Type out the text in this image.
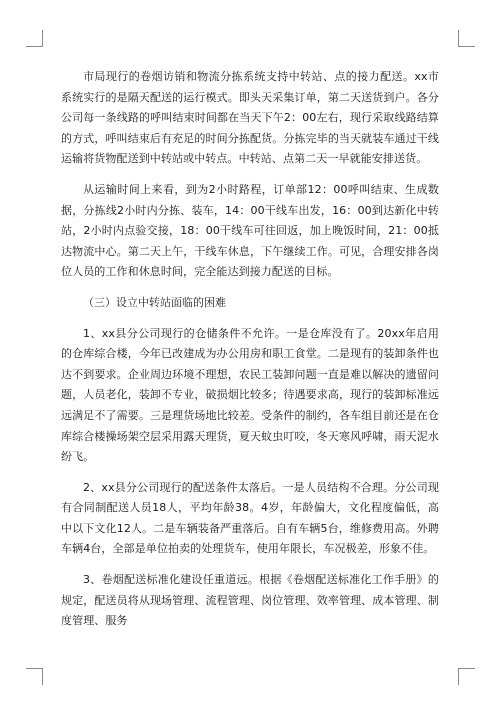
市局现行的卷烟访销和物流分拣系统支持中转站、点的接力配送。xx市系统实行的是隔天配送的运行模式。即头天采集订单，第二天送货到户。各分公司每一条线路的呼叫结束时间都在当天下午2：00左右，现行采取线路结算的方式，呼叫结束后有充足的时间分拣配货。分拣完毕的当天就装车通过干线运输将货物配送到中转站或中转点。中转站、点第二天一早就能安排送货。

从运输时间上来看，到为2小时路程，订单部12：00呼叫结束、生成数据，分拣线2小时内分拣、装车，14：00干线车出发，16：00到达新化中转站，2小时内点验交接，18：00干线车可往回返，加上晚饭时间，21：00抵达物流中心。第二天上午，干线车休息，下午继续工作。可见，合理安排各岗位人员的工作和休息时间，完全能达到接力配送的目标。

（三）设立中转站面临的困难

1、xx县分公司现行的仓储条件不允许。一是仓库没有了。20xx年启用的仓库综合楼，今年已改建成为办公用房和职工食堂。二是现有的装卸条件也达不到要求。企业周边环境不理想，农民工装卸问题一直是难以解决的遗留问题，人员老化，装卸不专业，破损烟比较多；待遇要求高，现行的装卸标准远远满足不了需要。三是理货场地比较差。受条件的制约，各车组目前还是在仓库综合楼操场架空层采用露天理货，夏天蚊虫叮咬，冬天寒风呼啸，雨天泥水纷飞。

2、xx县分公司现行的配送条件太落后。一是人员结构不合理。分公司现有合同制配送人员18人，平均年龄38。4岁，年龄偏大，文化程度偏低，高中以下文化12人。二是车辆装备严重落后。自有车辆5台，维修费用高。外聘车辆4台，全部是单位拍卖的处理货车，使用年限长，车况极差，形象不佳。

3、卷烟配送标准化建设任重道远。根据《卷烟配送标准化工作手册》的规定，配送员将从现场管理、流程管理、岗位管理、效率管理、成本管理、制度管理、服务
